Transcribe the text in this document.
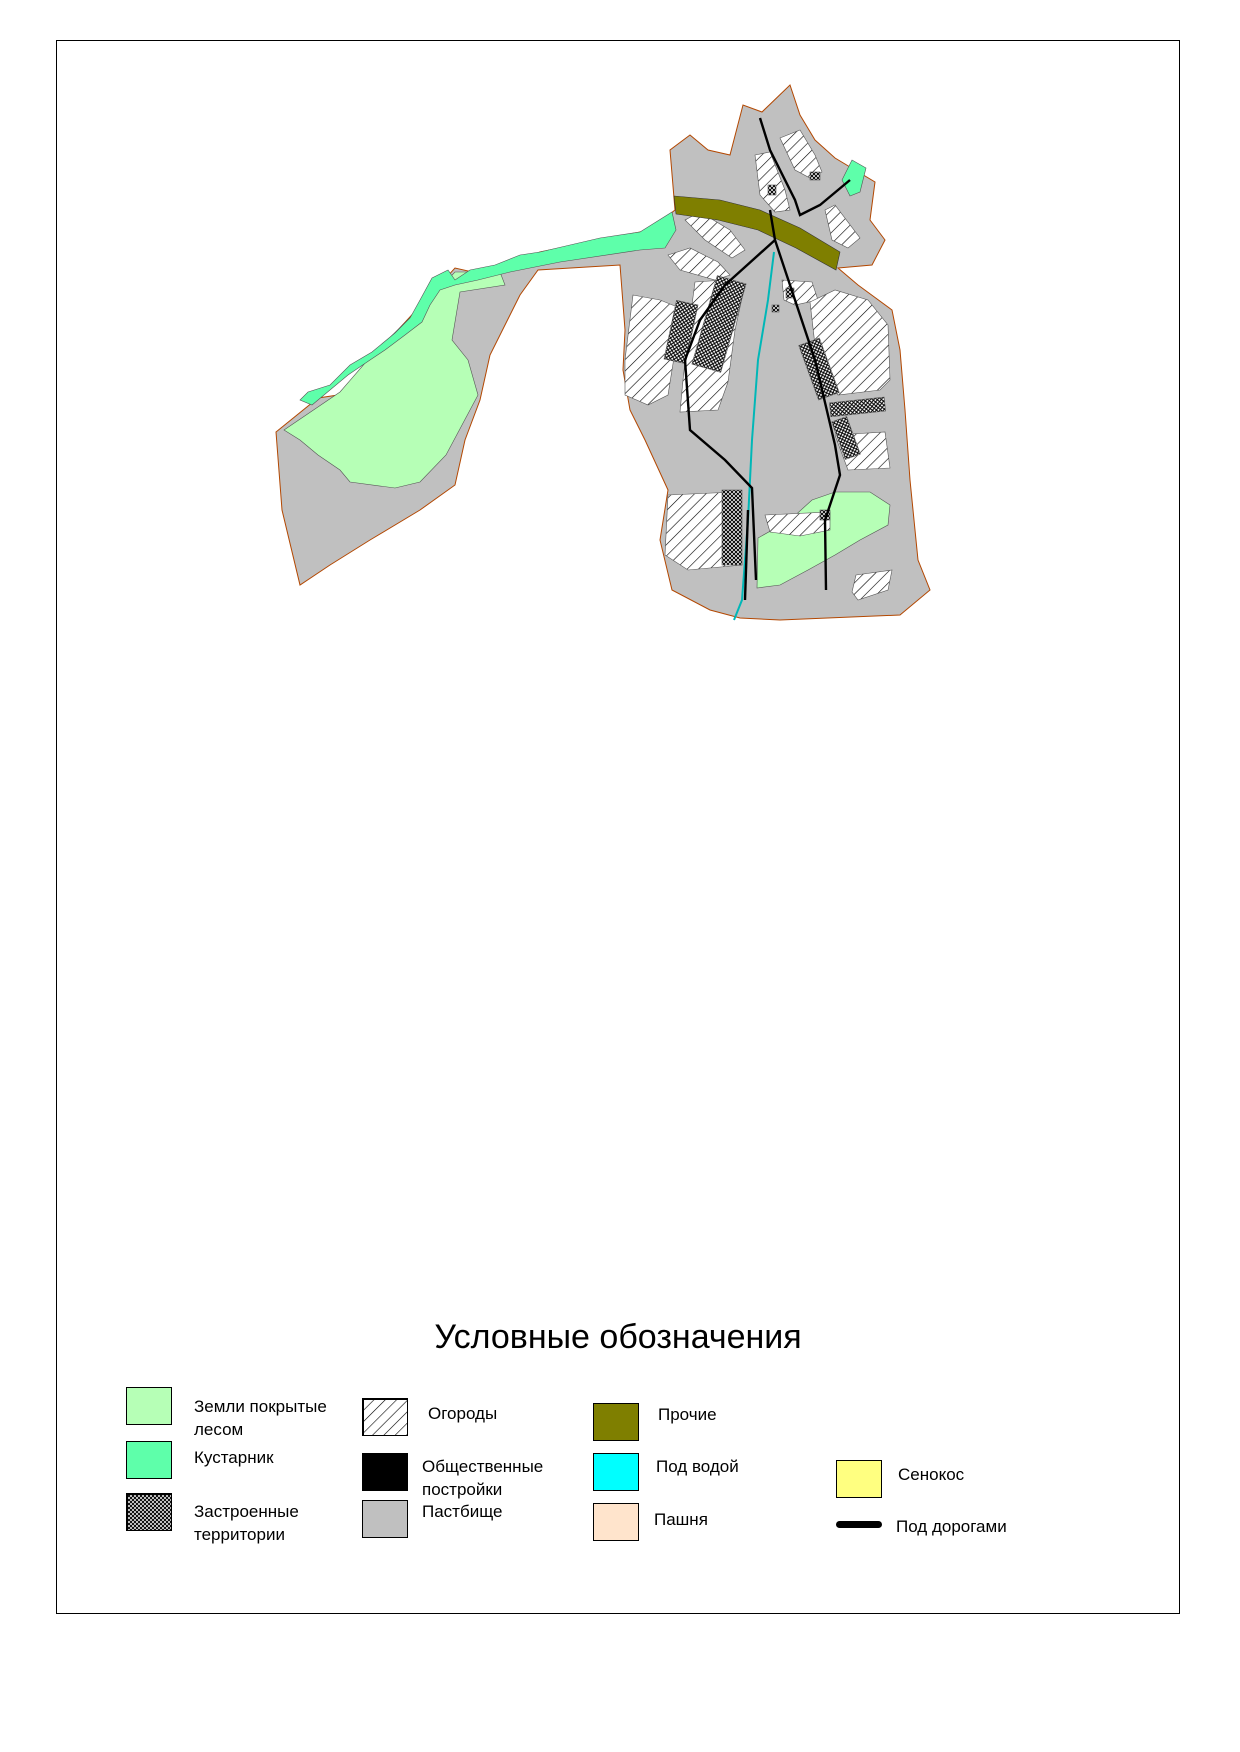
Условные обозначения
Земли покрытые лесом
Кустарник
Застроенные территории
Огороды
Общественные постройки
Пастбище
Прочие
Под водой
Пашня
Сенокос
Под дорогами
